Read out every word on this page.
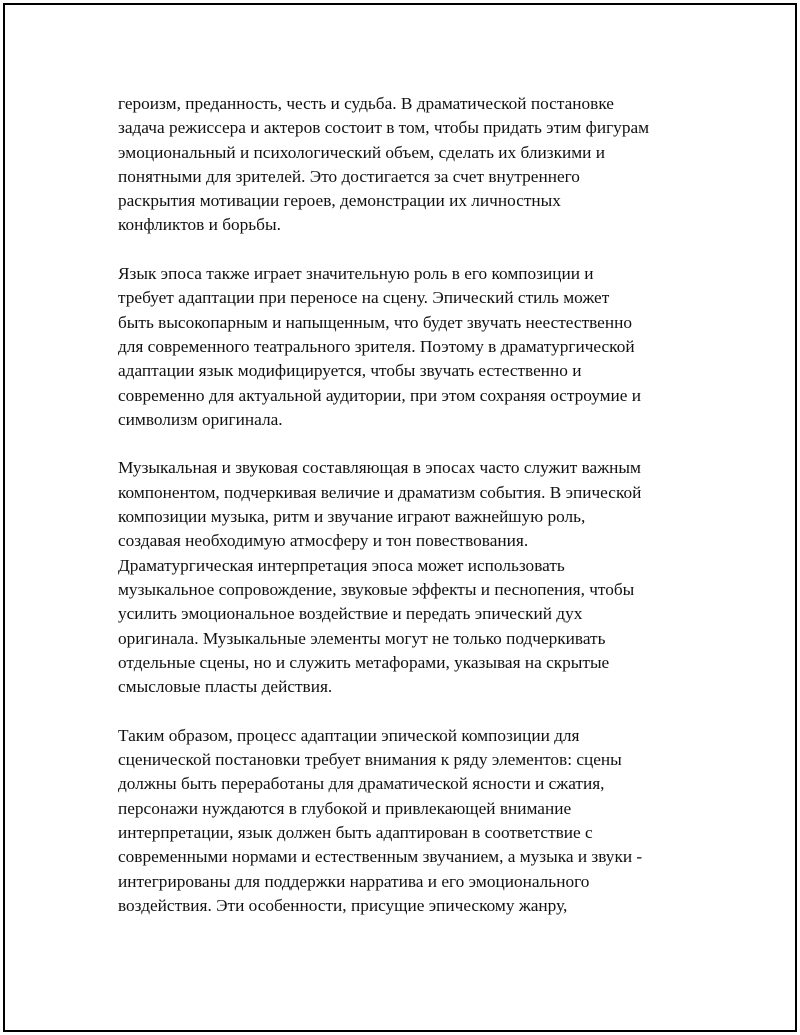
героизм, преданность, честь и судьба. В драматической постановке
задача режиссера и актеров состоит в том, чтобы придать этим фигурам
эмоциональный и психологический объем, сделать их близкими и
понятными для зрителей. Это достигается за счет внутреннего
раскрытия мотивации героев, демонстрации их личностных
конфликтов и борьбы.

Язык эпоса также играет значительную роль в его композиции и
требует адаптации при переносе на сцену. Эпический стиль может
быть высокопарным и напыщенным, что будет звучать неестественно
для современного театрального зрителя. Поэтому в драматургической
адаптации язык модифицируется, чтобы звучать естественно и
современно для актуальной аудитории, при этом сохраняя остроумие и
символизм оригинала.

Музыкальная и звуковая составляющая в эпосах часто служит важным
компонентом, подчеркивая величие и драматизм события. В эпической
композиции музыка, ритм и звучание играют важнейшую роль,
создавая необходимую атмосферу и тон повествования.
Драматургическая интерпретация эпоса может использовать
музыкальное сопровождение, звуковые эффекты и песнопения, чтобы
усилить эмоциональное воздействие и передать эпический дух
оригинала. Музыкальные элементы могут не только подчеркивать
отдельные сцены, но и служить метафорами, указывая на скрытые
смысловые пласты действия.

Таким образом, процесс адаптации эпической композиции для
сценической постановки требует внимания к ряду элементов: сцены
должны быть переработаны для драматической ясности и сжатия,
персонажи нуждаются в глубокой и привлекающей внимание
интерпретации, язык должен быть адаптирован в соответствие с
современными нормами и естественным звучанием, а музыка и звуки -
интегрированы для поддержки нарратива и его эмоционального
воздействия. Эти особенности, присущие эпическому жанру,
